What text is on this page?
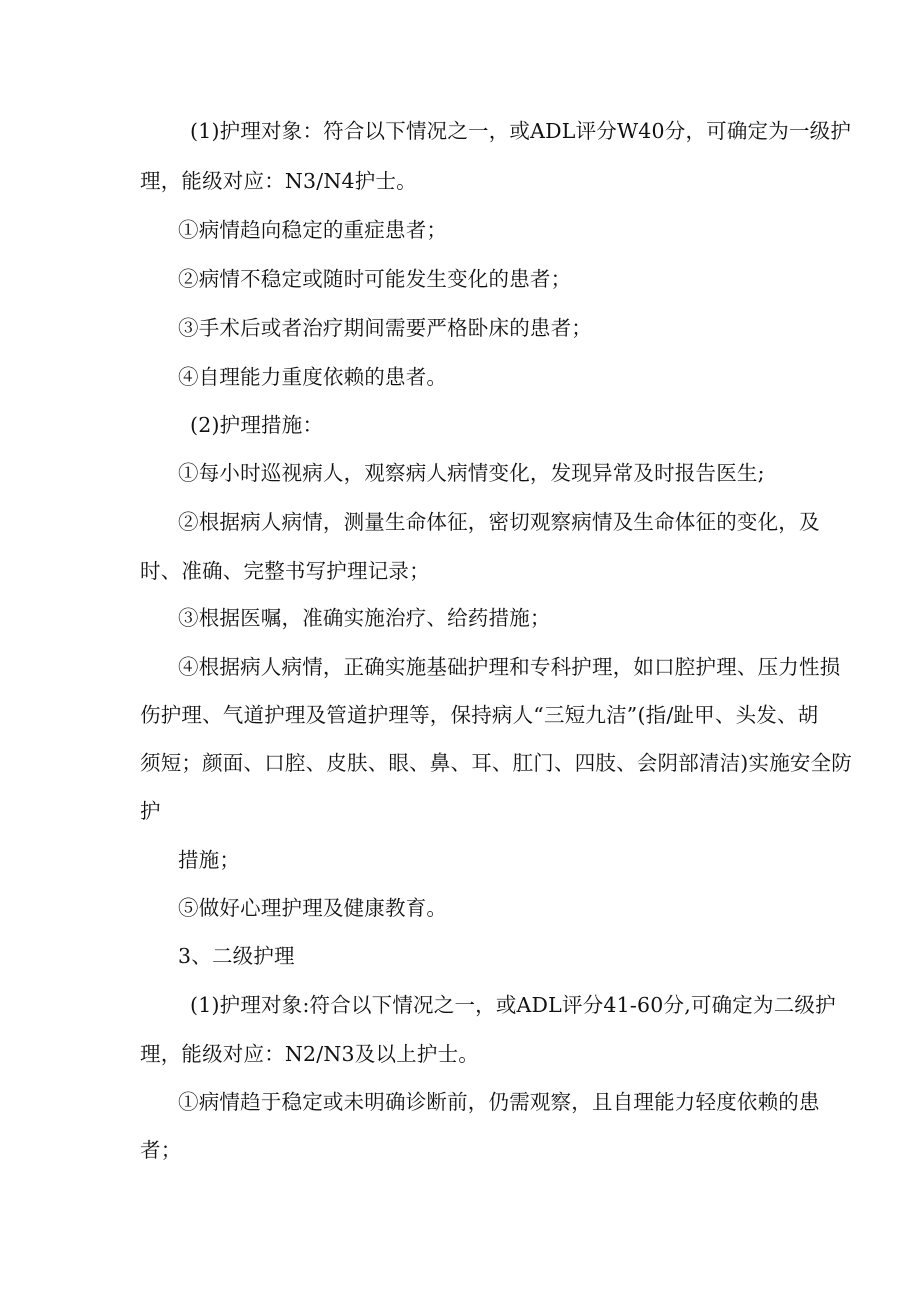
(1)护理对象：符合以下情况之一，或ADL评分W40分，可确定为一级护
理，能级对应：N3/N4护士。
①病情趋向稳定的重症患者；
②病情不稳定或随时可能发生变化的患者；
③手术后或者治疗期间需要严格卧床的患者；
④自理能力重度依赖的患者。
(2)护理措施：
①每小时巡视病人，观察病人病情变化，发现异常及时报告医生;
②根据病人病情，测量生命体征，密切观察病情及生命体征的变化，及
时、准确、完整书写护理记录；
③根据医嘱，准确实施治疗、给药措施；
④根据病人病情，正确实施基础护理和专科护理，如口腔护理、压力性损
伤护理、气道护理及管道护理等，保持病人“三短九洁”(指/趾甲、头发、胡
须短；颜面、口腔、皮肤、眼、鼻、耳、肛门、四肢、会阴部清洁)实施安全防
护
措施；
⑤做好心理护理及健康教育。
3、二级护理
(1)护理对象:符合以下情况之一，或ADL评分41-60分,可确定为二级护
理，能级对应：N2/N3及以上护士。
①病情趋于稳定或未明确诊断前，仍需观察，且自理能力轻度依赖的患
者；
